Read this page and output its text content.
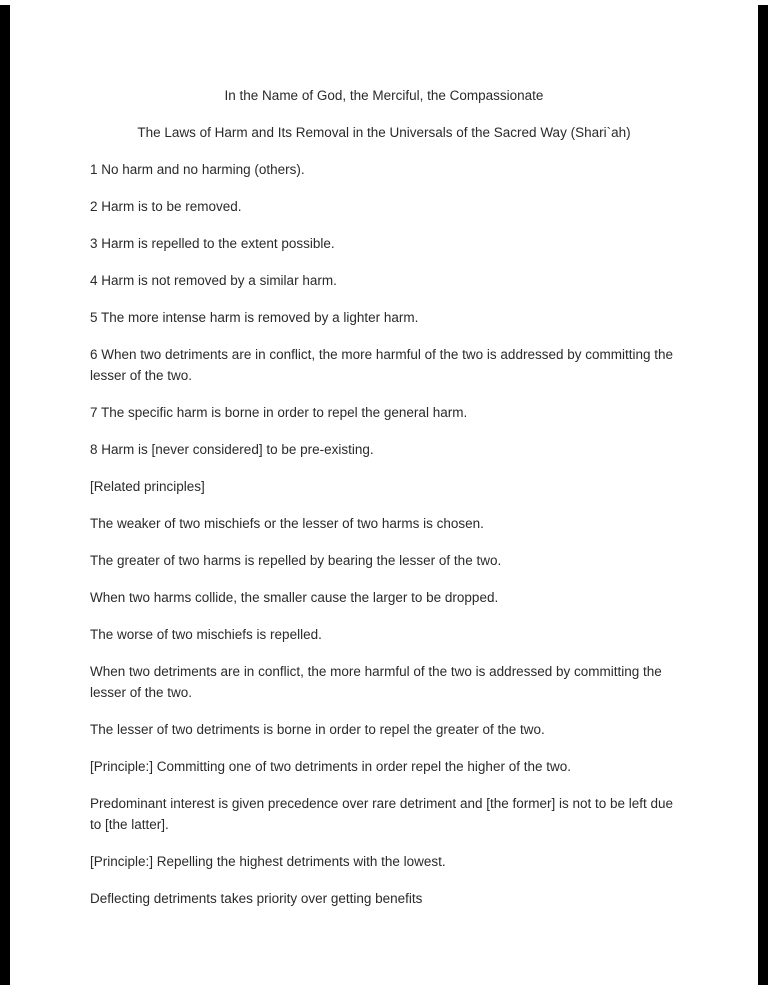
In the Name of God, the Merciful, the Compassionate
The Laws of Harm and Its Removal in the Universals of the Sacred Way (Shari`ah)
1 No harm and no harming (others).
2 Harm is to be removed.
3 Harm is repelled to the extent possible.
4 Harm is not removed by a similar harm.
5 The more intense harm is removed by a lighter harm.
6 When two detriments are in conflict, the more harmful of the two is addressed by committing the lesser of the two.
7 The specific harm is borne in order to repel the general harm.
8 Harm is [never considered] to be pre-existing.
[Related principles]
The weaker of two mischiefs or the lesser of two harms is chosen.
The greater of two harms is repelled by bearing the lesser of the two.
When two harms collide, the smaller cause the larger to be dropped.
The worse of two mischiefs is repelled.
When two detriments are in conflict, the more harmful of the two is addressed by committing the lesser of the two.
The lesser of two detriments is borne in order to repel the greater of the two.
[Principle:] Committing one of two detriments in order repel the higher of the two.
Predominant interest is given precedence over rare detriment and [the former] is not to be left due to [the latter].
[Principle:] Repelling the highest detriments with the lowest.
Deflecting detriments takes priority over getting benefits
